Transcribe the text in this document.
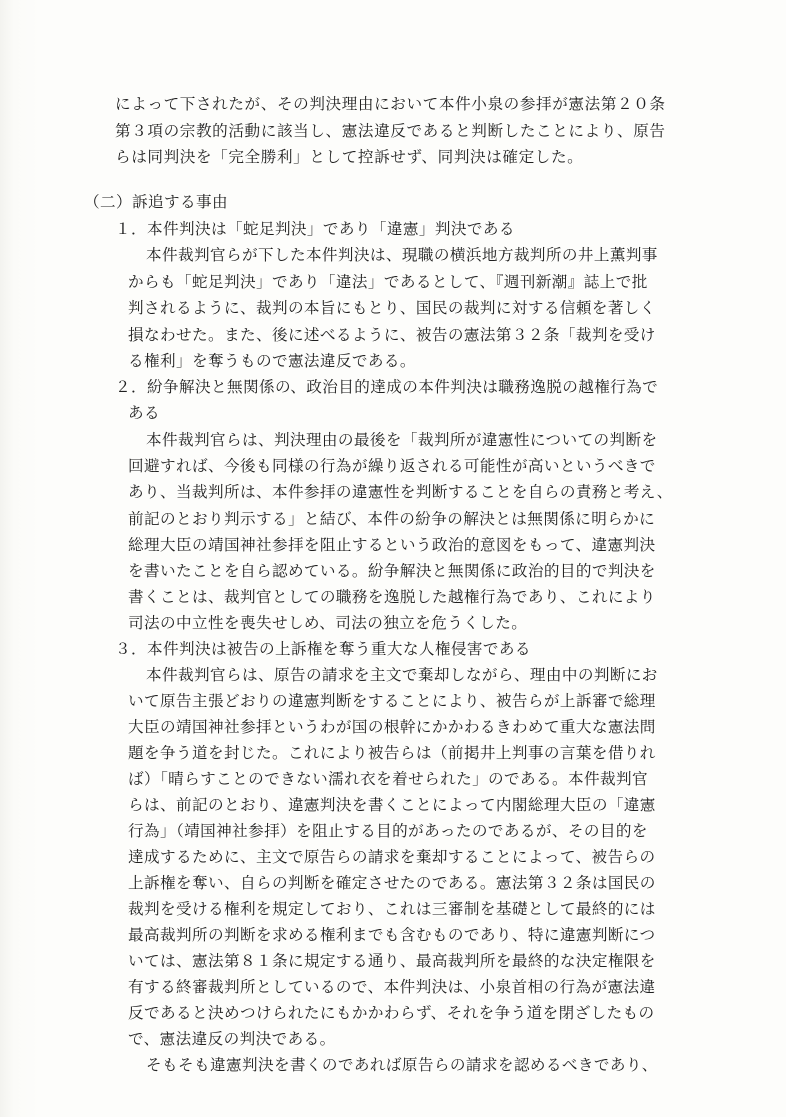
によって下されたが、その判決理由において本件小泉の参拝が憲法第２０条

第３項の宗教的活動に該当し、憲法違反であると判断したことにより、原告

らは同判決を「完全勝利」として控訴せず、同判決は確定した。

（二）訴追する事由

１．本件判決は「蛇足判決」であり「違憲」判決である

本件裁判官らが下した本件判決は、現職の横浜地方裁判所の井上薫判事

からも「蛇足判決」であり「違法」であるとして、『週刊新潮』誌上で批

判されるように、裁判の本旨にもとり、国民の裁判に対する信頼を著しく

損なわせた。また、後に述べるように、被告の憲法第３２条「裁判を受け

る権利」を奪うもので憲法違反である。

２．紛争解決と無関係の、政治目的達成の本件判決は職務逸脱の越権行為で

ある

本件裁判官らは、判決理由の最後を「裁判所が違憲性についての判断を

回避すれば、今後も同様の行為が繰り返される可能性が高いというべきで

あり、当裁判所は、本件参拝の違憲性を判断することを自らの責務と考え、

前記のとおり判示する」と結び、本件の紛争の解決とは無関係に明らかに

総理大臣の靖国神社参拝を阻止するという政治的意図をもって、違憲判決

を書いたことを自ら認めている。紛争解決と無関係に政治的目的で判決を

書くことは、裁判官としての職務を逸脱した越権行為であり、これにより

司法の中立性を喪失せしめ、司法の独立を危うくした。

３．本件判決は被告の上訴権を奪う重大な人権侵害である

本件裁判官らは、原告の請求を主文で棄却しながら、理由中の判断にお

いて原告主張どおりの違憲判断をすることにより、被告らが上訴審で総理

大臣の靖国神社参拝というわが国の根幹にかかわるきわめて重大な憲法問

題を争う道を封じた。これにより被告らは（前掲井上判事の言葉を借りれ

ば）「晴らすことのできない濡れ衣を着せられた」のである。本件裁判官

らは、前記のとおり、違憲判決を書くことによって内閣総理大臣の「違憲

行為」（靖国神社参拝）を阻止する目的があったのであるが、その目的を

達成するために、主文で原告らの請求を棄却することによって、被告らの

上訴権を奪い、自らの判断を確定させたのである。憲法第３２条は国民の

裁判を受ける権利を規定しており、これは三審制を基礎として最終的には

最高裁判所の判断を求める権利までも含むものであり、特に違憲判断につ

いては、憲法第８１条に規定する通り、最高裁判所を最終的な決定権限を

有する終審裁判所としているので、本件判決は、小泉首相の行為が憲法違

反であると決めつけられたにもかかわらず、それを争う道を閉ざしたもの

で、憲法違反の判決である。

そもそも違憲判決を書くのであれば原告らの請求を認めるべきであり、
